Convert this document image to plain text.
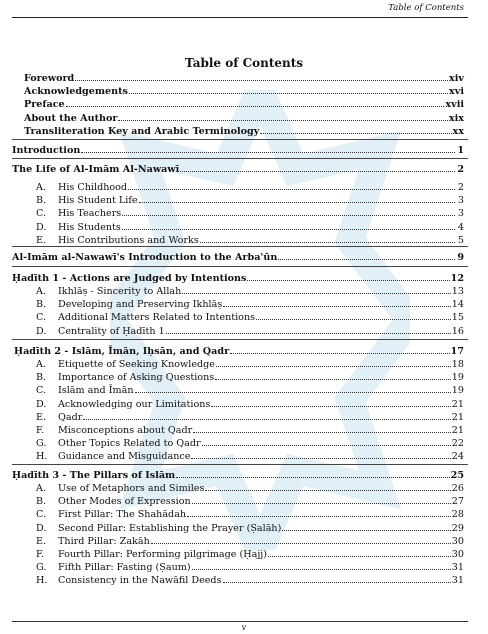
Table of Contents
Table of Contents
Foreword	xiv
Acknowledgements	xvi
Preface	xvii
About the Author	xix
Transliteration Key and Arabic Terminology	xx
Introduction	1
The Life of Al-Imām Al-Nawawī	2
A. His Childhood	2
B. His Student Life	3
C. His Teachers	3
D. His Students	4
E. His Contributions and Works	5
Al-Imām al-Nawawī's Introduction to the Arba'ūn	9
Ḥadīth 1 - Actions are Judged by Intentions	12
A. Ikhlāṣ - Sincerity to Allah	13
B. Developing and Preserving Ikhlāṣ	14
C. Additional Matters Related to Intentions	15
D. Centrality of Ḥadīth 1	16
Ḥadīth 2 - Islām, Īmān, Iḥsān, and Qadr	17
A. Etiquette of Seeking Knowledge	18
B. Importance of Asking Questions	19
C. Islām and Īmān	19
D. Acknowledging our Limitations	21
E. Qadr	21
F. Misconceptions about Qadr	21
G. Other Topics Related to Qadr	22
H. Guidance and Misguidance	24
Ḥadīth 3 - The Pillars of Islām	25
A. Use of Metaphors and Similes	26
B. Other Modes of Expression	27
C. First Pillar: The Shahādah	28
D. Second Pillar: Establishing the Prayer (Ṣalāh)	29
E. Third Pillar: Zakāh	30
F. Fourth Pillar: Performing pilgrimage (Ḥajj)	30
G. Fifth Pillar: Fasting (Ṣaum)	31
H. Consistency in the Nawāfil Deeds	31
v
